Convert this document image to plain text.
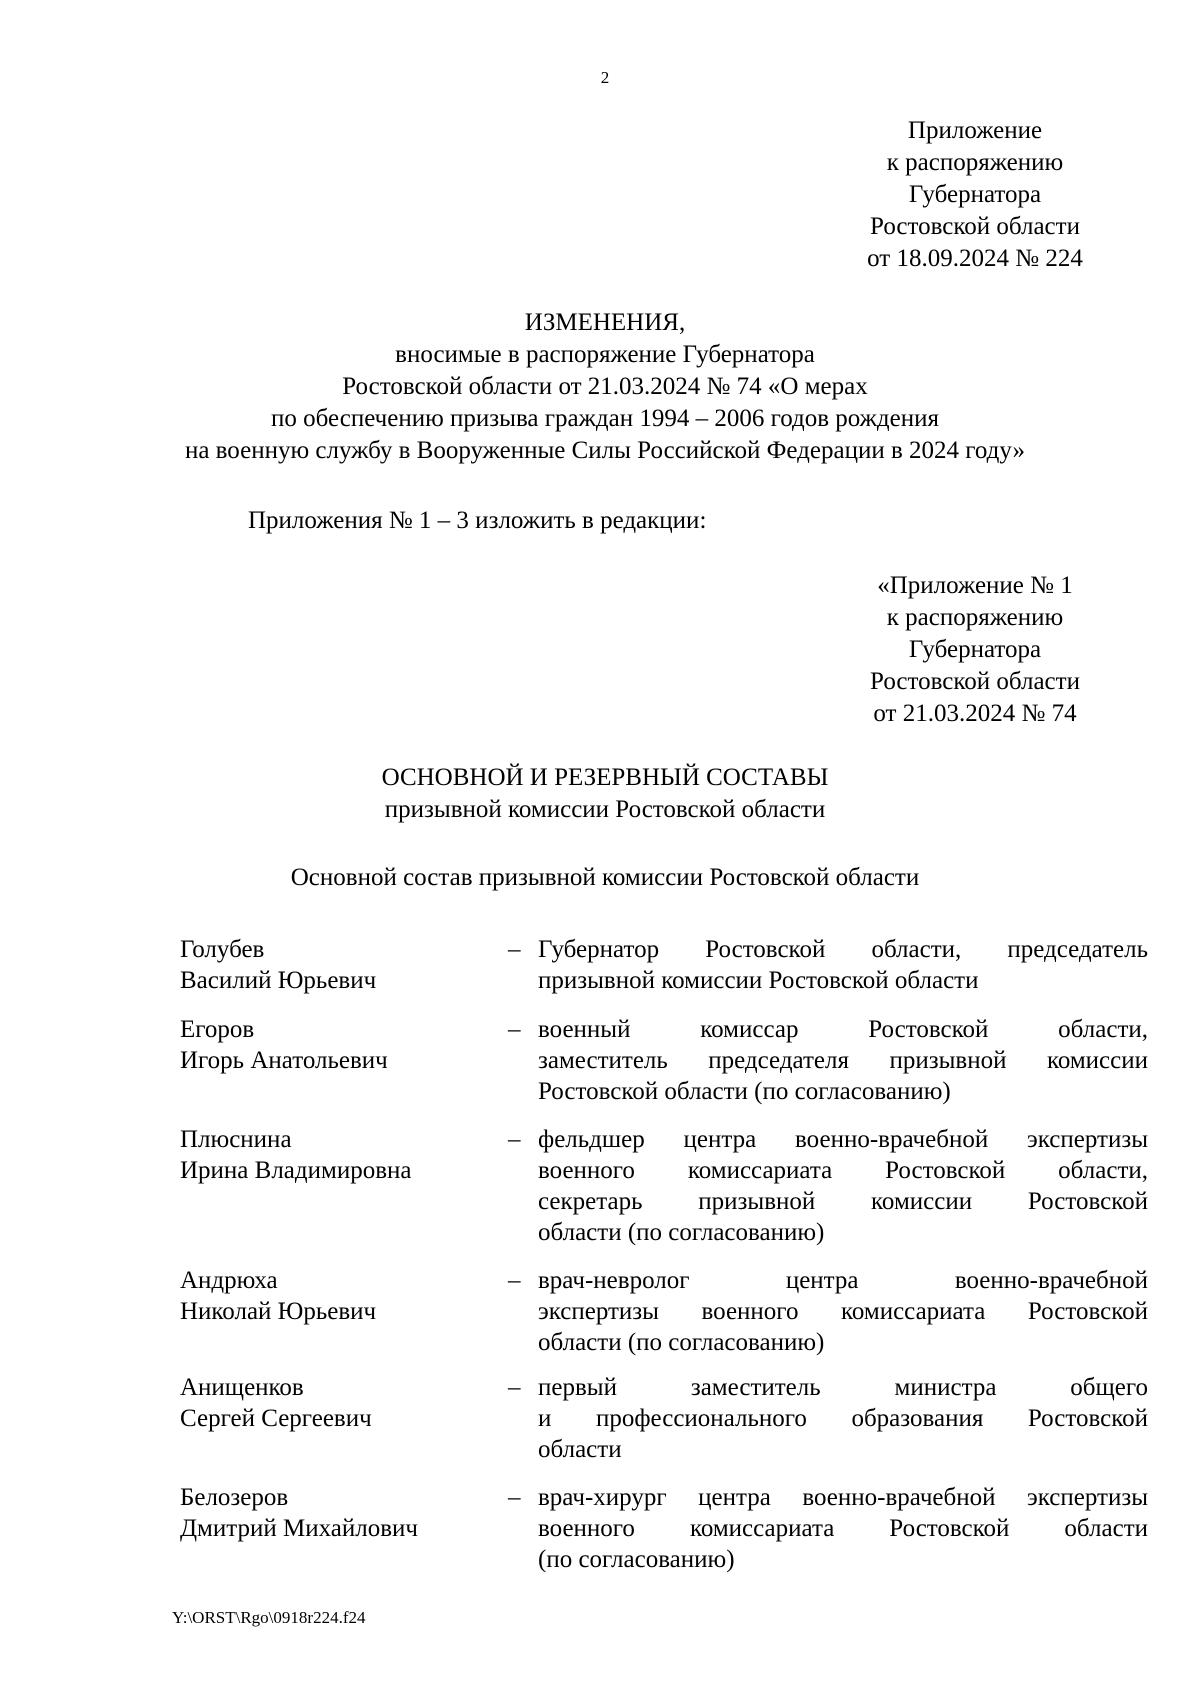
2
Приложение
к распоряжению
Губернатора
Ростовской области
от 18.09.2024 № 224
ИЗМЕНЕНИЯ,
вносимые в распоряжение Губернатора
Ростовской области от 21.03.2024 № 74 «О мерах
по обеспечению призыва граждан 1994 – 2006 годов рождения
на военную службу в Вооруженные Силы Российской Федерации в 2024 году»
Приложения № 1 – 3 изложить в редакции:
«Приложение № 1
к распоряжению
Губернатора
Ростовской области
от 21.03.2024 № 74
ОСНОВНОЙ И РЕЗЕРВНЫЙ СОСТАВЫ
призывной комиссии Ростовской области
Основной состав призывной комиссии Ростовской области
Голубев
Василий Юрьевич
– Губернатор Ростовской области, председатель
призывной комиссии Ростовской области
Егоров
Игорь Анатольевич
– военный комиссар Ростовской области,
заместитель председателя призывной комиссии
Ростовской области (по согласованию)
Плюснина
Ирина Владимировна
– фельдшер центра военно-врачебной экспертизы
военного комиссариата Ростовской области,
секретарь призывной комиссии Ростовской
области (по согласованию)
Андрюха
Николай Юрьевич
– врач-невролог центра военно-врачебной
экспертизы военного комиссариата Ростовской
области (по согласованию)
Анищенков
Сергей Сергеевич
– первый заместитель министра общего
и профессионального образования Ростовской
области
Белозеров
Дмитрий Михайлович
– врач-хирург центра военно-врачебной экспертизы
военного комиссариата Ростовской области
(по согласованию)
Y:\ORST\Rgo\0918r224.f24
